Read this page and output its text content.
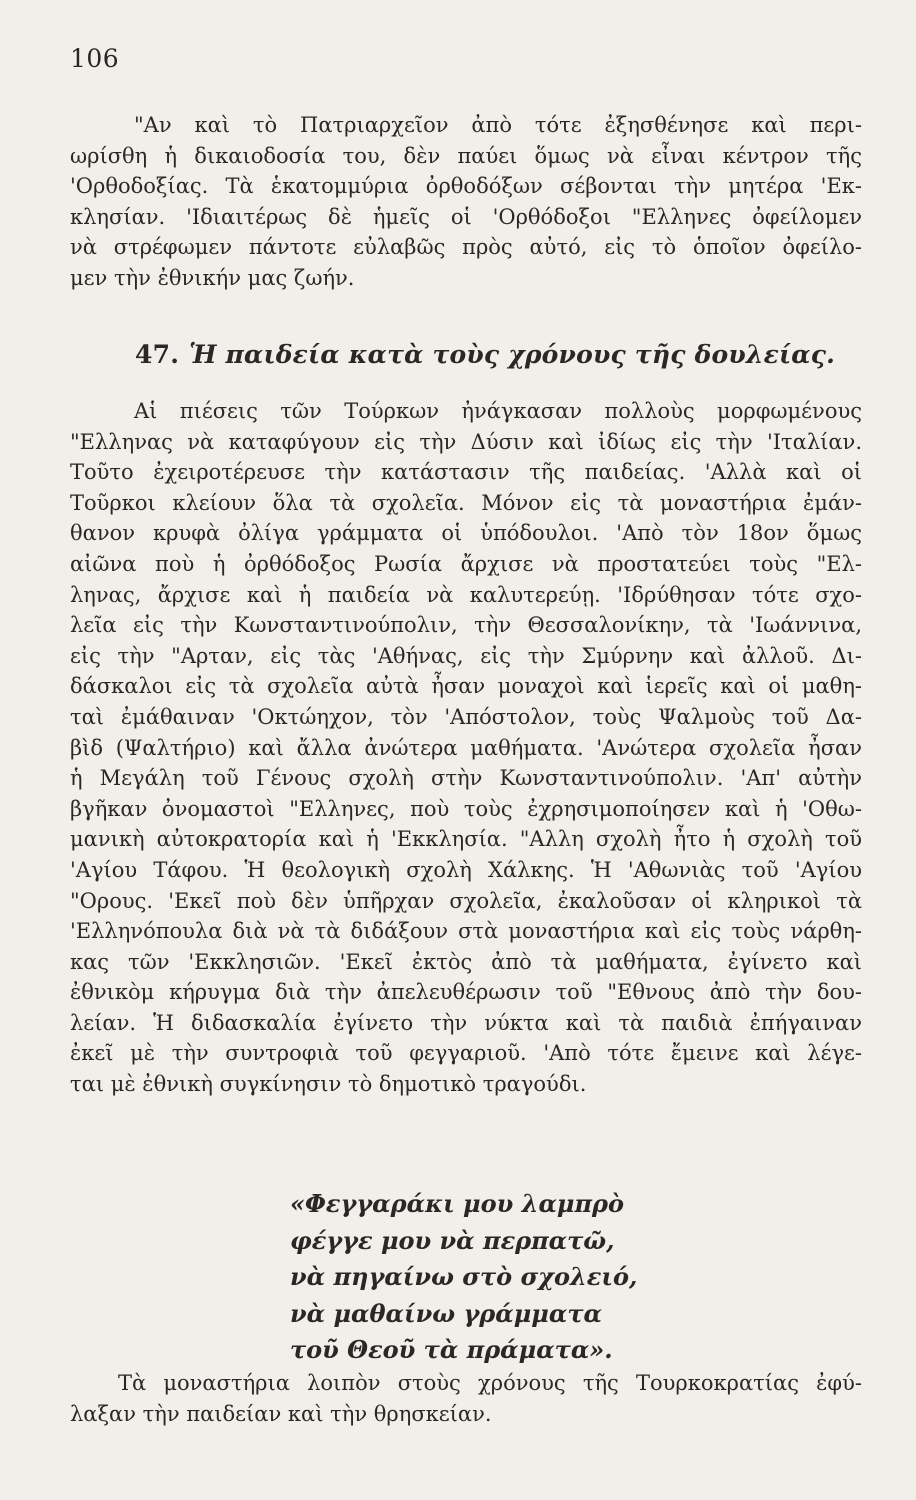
106
"Αν καὶ τὸ Πατριαρχεῖον ἀπὸ τότε ἐξησθένησε καὶ περι-
ωρίσθη ἡ δικαιοδοσία του, δὲν παύει ὅμως νὰ εἶναι κέντρον τῆς
'Ορθοδοξίας. Τὰ ἑκατομμύρια ὀρθοδόξων σέβονται τὴν μητέρα 'Εκ-
κλησίαν. 'Ιδιαιτέρως δὲ ἡμεῖς οἱ 'Ορθόδοξοι "Ελληνες ὀφείλομεν
νὰ στρέφωμεν πάντοτε εὐλαβῶς πρὸς αὐτό, εἰς τὸ ὁποῖον ὀφείλο-
μεν τὴν ἐθνικήν μας ζωήν.
47. Ἡ παιδεία κατὰ τοὺς χρόνους τῆς δουλείας.
Αἱ πιέσεις τῶν Τούρκων ἠνάγκασαν πολλοὺς μορφωμένους
"Ελληνας νὰ καταφύγουν εἰς τὴν Δύσιν καὶ ἰδίως εἰς τὴν 'Ιταλίαν.
Τοῦτο ἐχειροτέρευσε τὴν κατάστασιν τῆς παιδείας. 'Αλλὰ καὶ οἱ
Τοῦρκοι κλείουν ὅλα τὰ σχολεῖα. Μόνον εἰς τὰ μοναστήρια ἐμάν-
θανον κρυφὰ ὀλίγα γράμματα οἱ ὑπόδουλοι. 'Απὸ τὸν 18ον ὅμως
αἰῶνα ποὺ ἡ ὀρθόδοξος Ρωσία ἄρχισε νὰ προστατεύει τοὺς "Ελ-
ληνας, ἄρχισε καὶ ἡ παιδεία νὰ καλυτερεύῃ. 'Ιδρύθησαν τότε σχο-
λεῖα εἰς τὴν Κωνσταντινούπολιν, τὴν Θεσσαλονίκην, τὰ 'Ιωάννινα,
εἰς τὴν "Αρταν, εἰς τὰς 'Αθήνας, εἰς τὴν Σμύρνην καὶ ἀλλοῦ. Δι-
δάσκαλοι εἰς τὰ σχολεῖα αὐτὰ ἦσαν μοναχοὶ καὶ ἱερεῖς καὶ οἱ μαθη-
ταὶ ἐμάθαιναν 'Οκτώηχον, τὸν 'Απόστολον, τοὺς Ψαλμοὺς τοῦ Δα-
βὶδ (Ψαλτήριο) καὶ ἄλλα ἀνώτερα μαθήματα. 'Ανώτερα σχολεῖα ἦσαν
ἡ Μεγάλη τοῦ Γένους σχολὴ στὴν Κωνσταντινούπολιν. 'Απ' αὐτὴν
βγῆκαν ὀνομαστοὶ "Ελληνες, ποὺ τοὺς ἐχρησιμοποίησεν καὶ ἡ 'Οθω-
μανικὴ αὐτοκρατορία καὶ ἡ 'Εκκλησία. "Αλλη σχολὴ ἦτο ἡ σχολὴ τοῦ
'Αγίου Τάφου. Ἡ θεολογικὴ σχολὴ Χάλκης. Ἡ 'Αθωνιὰς τοῦ 'Αγίου
"Ορους. 'Εκεῖ ποὺ δὲν ὑπῆρχαν σχολεῖα, ἐκαλοῦσαν οἱ κληρικοὶ τὰ
'Ελληνόπουλα διὰ νὰ τὰ διδάξουν στὰ μοναστήρια καὶ εἰς τοὺς νάρθη-
κας τῶν 'Εκκλησιῶν. 'Εκεῖ ἐκτὸς ἀπὸ τὰ μαθήματα, ἐγίνετο καὶ
ἐθνικὸμ κήρυγμα διὰ τὴν ἀπελευθέρωσιν τοῦ "Εθνους ἀπὸ τὴν δου-
λείαν. Ἡ διδασκαλία ἐγίνετο τὴν νύκτα καὶ τὰ παιδιὰ ἐπήγαιναν
ἐκεῖ μὲ τὴν συντροφιὰ τοῦ φεγγαριοῦ. 'Απὸ τότε ἔμεινε καὶ λέγε-
ται μὲ ἐθνικὴ συγκίνησιν τὸ δημοτικὸ τραγούδι.
«Φεγγαράκι μου λαμπρὸ
φέγγε μου νὰ περπατῶ,
νὰ πηγαίνω στὸ σχολειό,
νὰ μαθαίνω γράμματα
τοῦ Θεοῦ τὰ πράματα».
Τὰ μοναστήρια λοιπὸν στοὺς χρόνους τῆς Τουρκοκρατίας ἐφύ-
λαξαν τὴν παιδείαν καὶ τὴν θρησκείαν.
